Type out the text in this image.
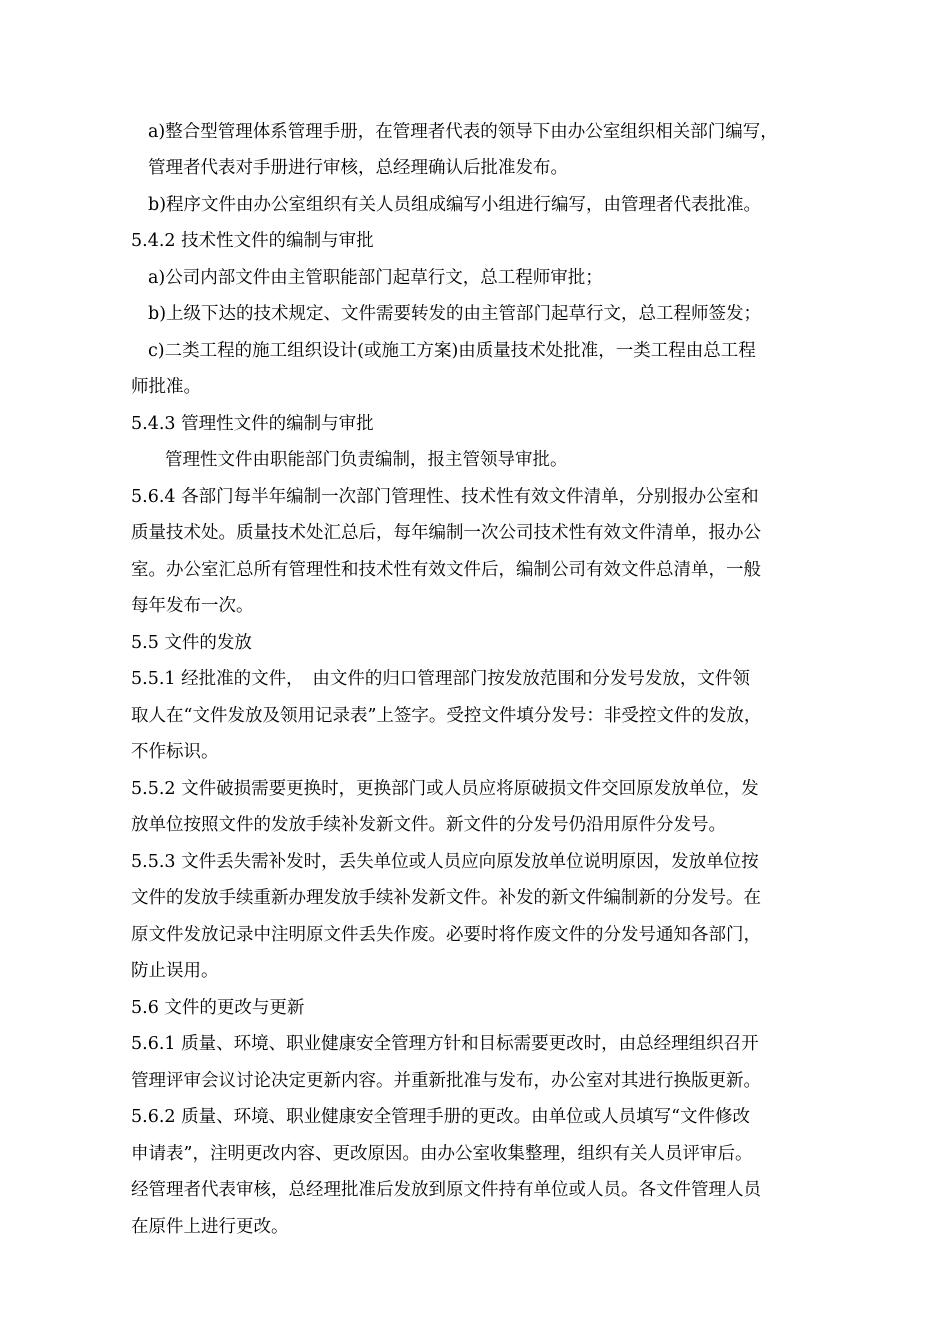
a)整合型管理体系管理手册，在管理者代表的领导下由办公室组织相关部门编写，
管理者代表对手册进行审核，总经理确认后批准发布。
b)程序文件由办公室组织有关人员组成编写小组进行编写，由管理者代表批准。
5.4.2 技术性文件的编制与审批
a)公司内部文件由主管职能部门起草行文，总工程师审批；
b)上级下达的技术规定、文件需要转发的由主管部门起草行文，总工程师签发；
c)二类工程的施工组织设计(或施工方案)由质量技术处批准，一类工程由总工程
师批准。
5.4.3 管理性文件的编制与审批
管理性文件由职能部门负责编制，报主管领导审批。
5.6.4 各部门每半年编制一次部门管理性、技术性有效文件清单，分别报办公室和
质量技术处。质量技术处汇总后，每年编制一次公司技术性有效文件清单，报办公
室。办公室汇总所有管理性和技术性有效文件后，编制公司有效文件总清单，一般
每年发布一次。
5.5 文件的发放
5.5.1 经批准的文件，　由文件的归口管理部门按发放范围和分发号发放，文件领
取人在“文件发放及领用记录表”上签字。受控文件填分发号：非受控文件的发放，
不作标识。
5.5.2 文件破损需要更换时，更换部门或人员应将原破损文件交回原发放单位，发
放单位按照文件的发放手续补发新文件。新文件的分发号仍沿用原件分发号。
5.5.3 文件丢失需补发时，丢失单位或人员应向原发放单位说明原因，发放单位按
文件的发放手续重新办理发放手续补发新文件。补发的新文件编制新的分发号。在
原文件发放记录中注明原文件丢失作废。必要时将作废文件的分发号通知各部门，
防止误用。
5.6 文件的更改与更新
5.6.1 质量、环境、职业健康安全管理方针和目标需要更改时，由总经理组织召开
管理评审会议讨论决定更新内容。并重新批准与发布，办公室对其进行换版更新。
5.6.2 质量、环境、职业健康安全管理手册的更改。由单位或人员填写“文件修改
申请表”，注明更改内容、更改原因。由办公室收集整理，组织有关人员评审后。
经管理者代表审核，总经理批准后发放到原文件持有单位或人员。各文件管理人员
在原件上进行更改。
